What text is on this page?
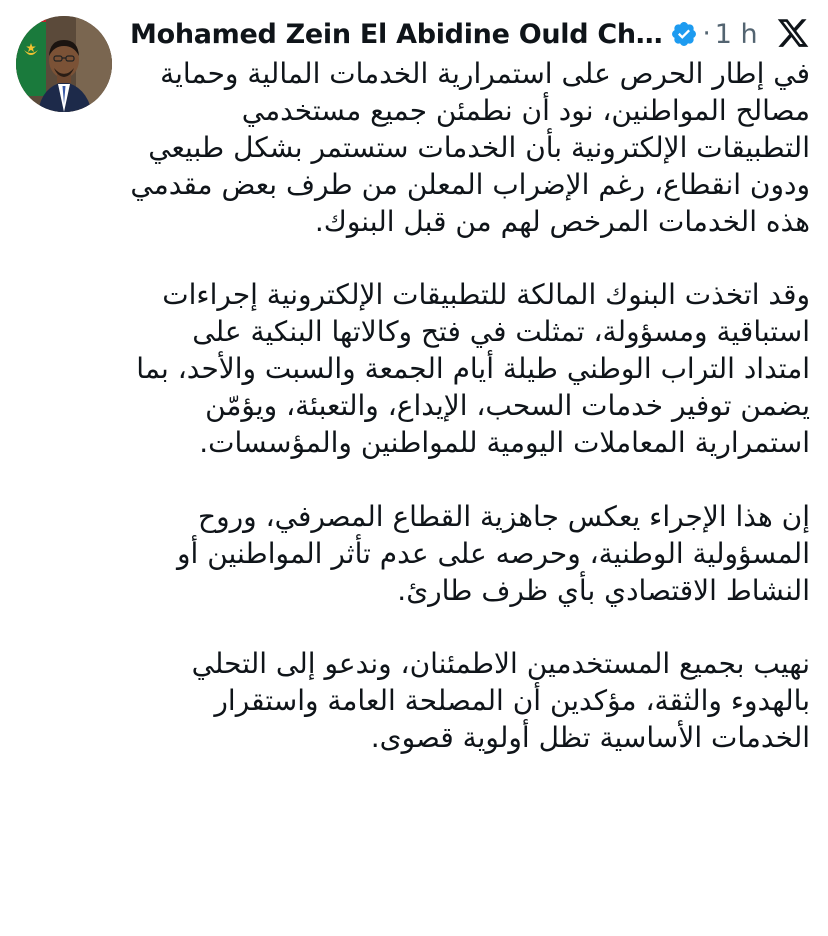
Mohamed Zein El Abidine Ould Ch… · 1 h

في إطار الحرص على استمرارية الخدمات المالية وحماية مصالح المواطنين، نود أن نطمئن جميع مستخدمي التطبيقات الإلكترونية بأن الخدمات ستستمر بشكل طبيعي ودون انقطاع، رغم الإضراب المعلن من طرف بعض مقدمي هذه الخدمات المرخص لهم من قبل البنوك.

وقد اتخذت البنوك المالكة للتطبيقات الإلكترونية إجراءات استباقية ومسؤولة، تمثلت في فتح وكالاتها البنكية على امتداد التراب الوطني طيلة أيام الجمعة والسبت والأحد، بما يضمن توفير خدمات السحب، الإيداع، والتعبئة، ويؤمّن استمرارية المعاملات اليومية للمواطنين والمؤسسات.

إن هذا الإجراء يعكس جاهزية القطاع المصرفي، وروح المسؤولية الوطنية، وحرصه على عدم تأثر المواطنين أو النشاط الاقتصادي بأي ظرف طارئ.

نهيب بجميع المستخدمين الاطمئنان، وندعو إلى التحلي بالهدوء والثقة، مؤكدين أن المصلحة العامة واستقرار الخدمات الأساسية تظل أولوية قصوى.
